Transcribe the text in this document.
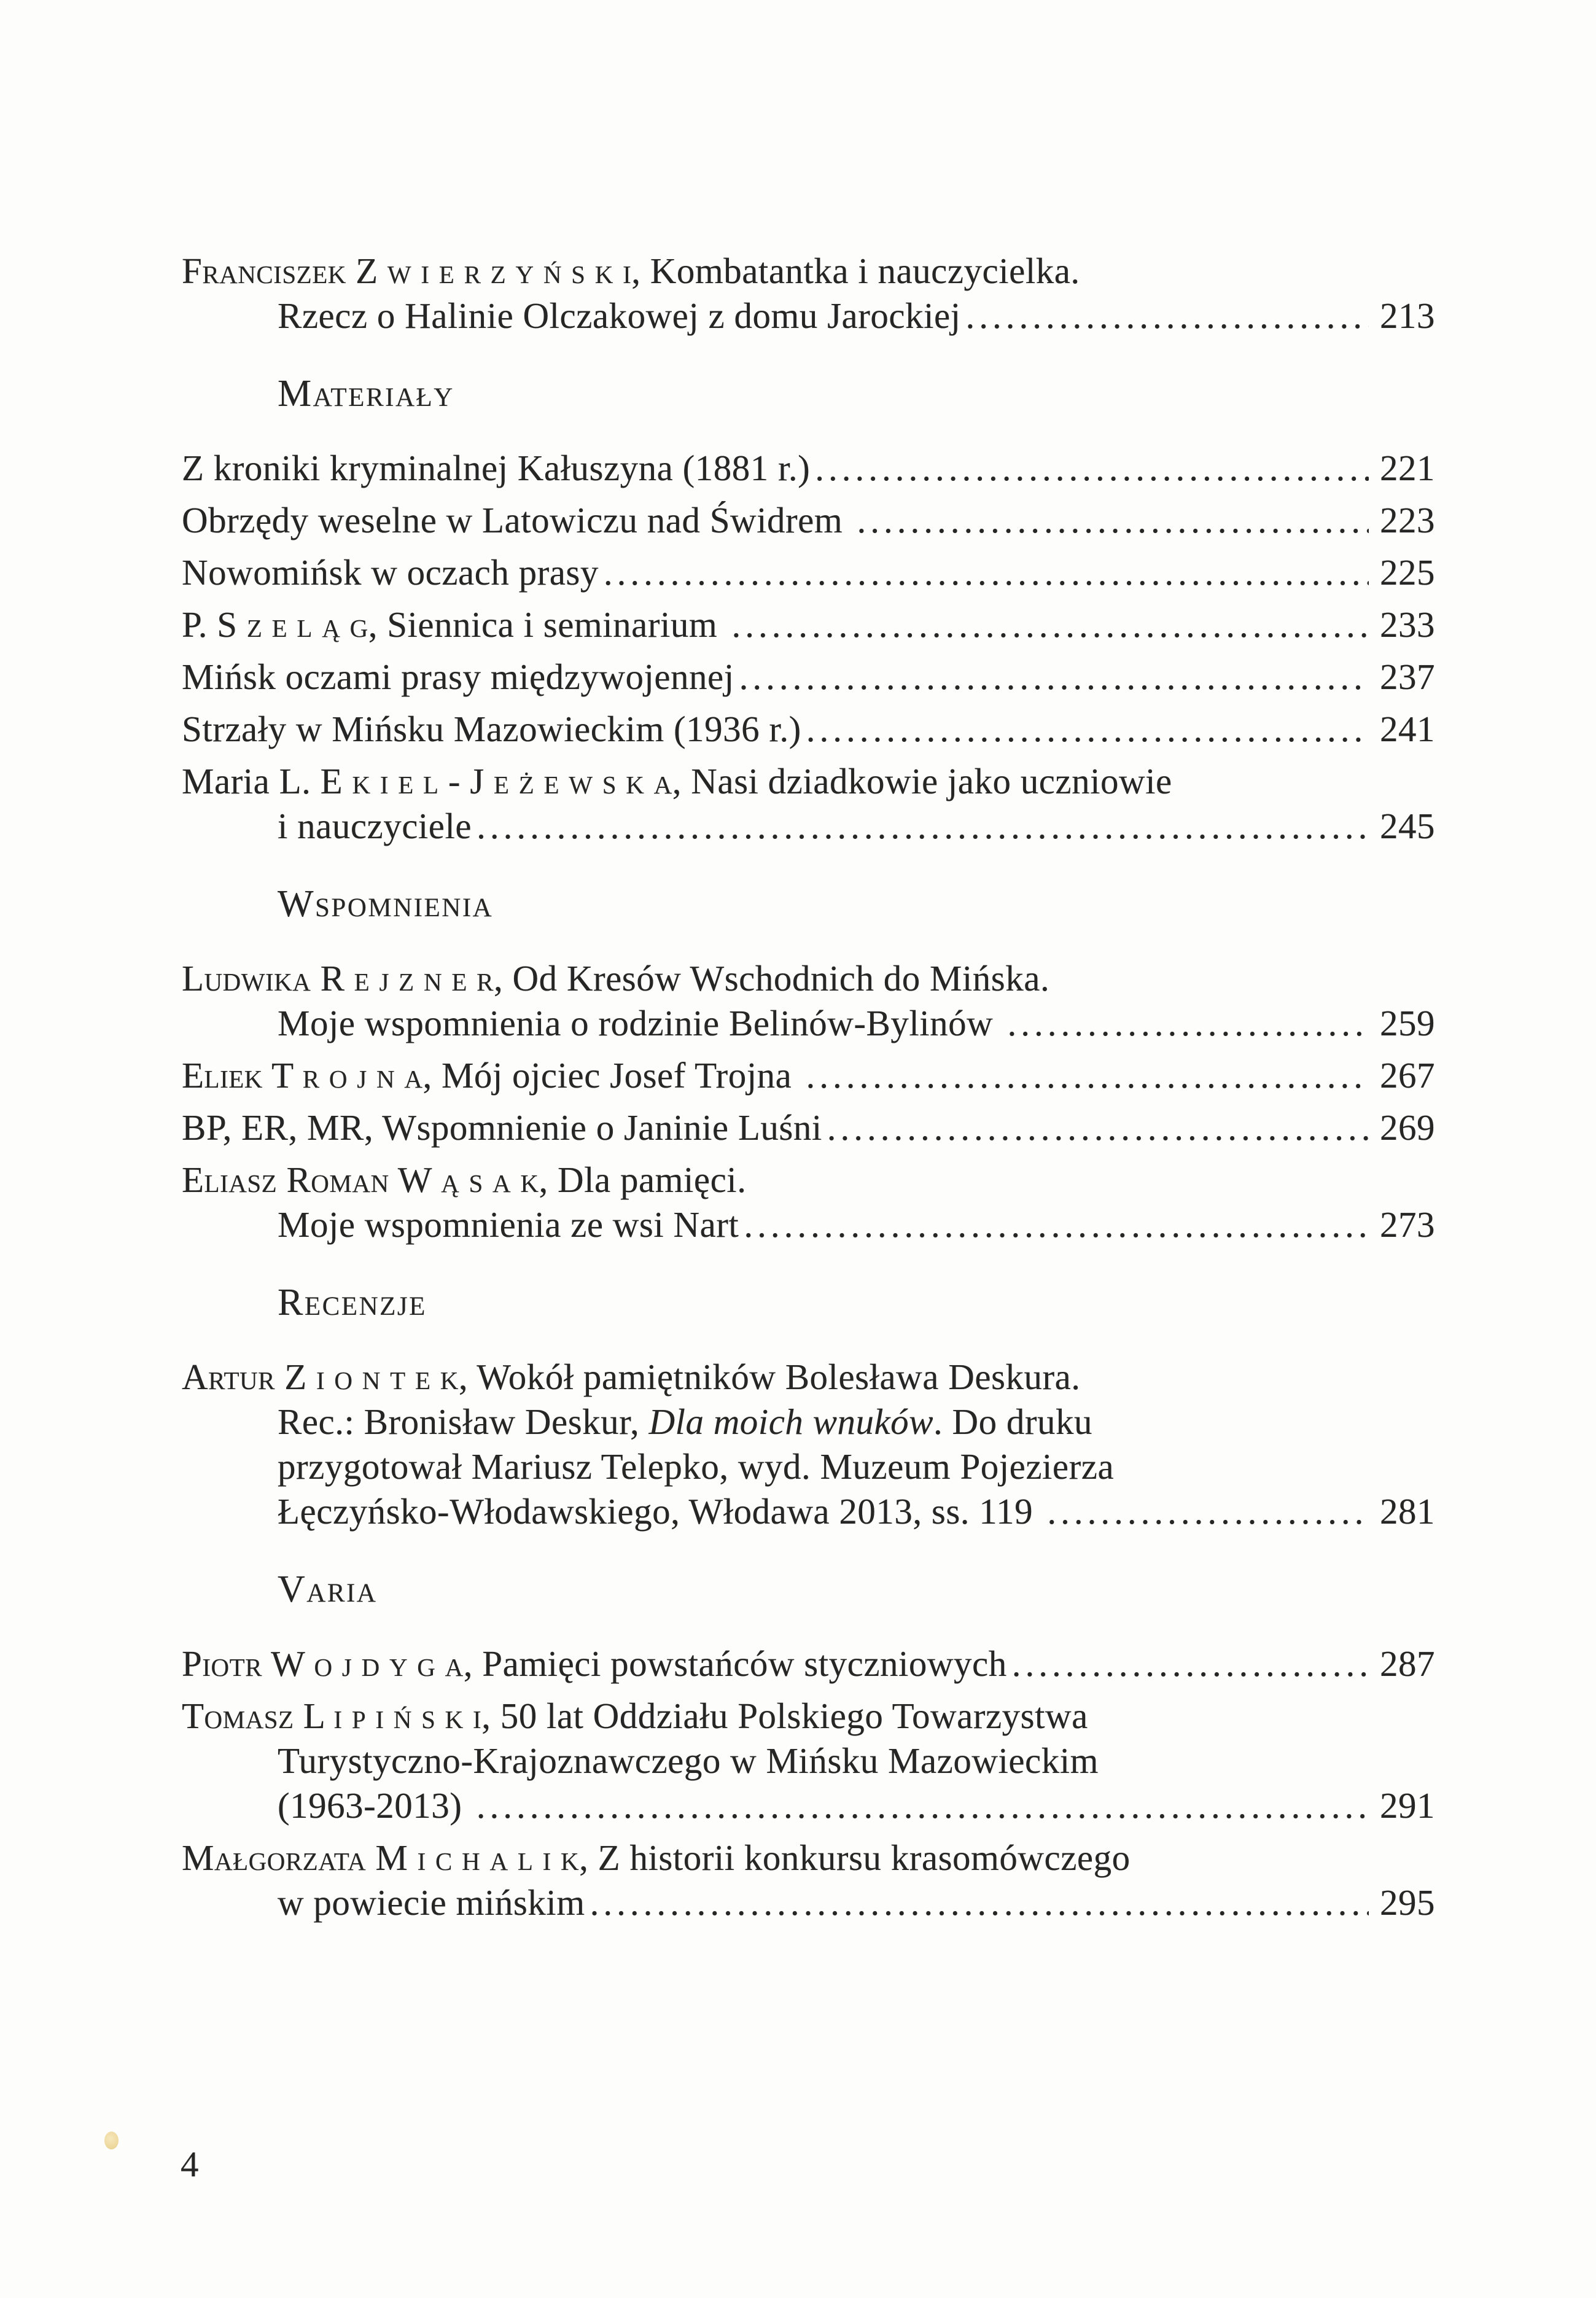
Franciszek Z w i e r z y ń s k i , Kombatantka i nauczycielka.
Rzecz o Halinie Olczakowej z domu Jarockiej .....	213
Materiały
Z kroniki kryminalnej Kałuszyna (1881 r.) .....	221
Obrzędy weselne w Latowiczu nad Świdrem .....	223
Nowomińsk w oczach prasy .....	225
P. S z e l ą g , Siennica i seminarium .....	233
Mińsk oczami prasy międzywojennej .....	237
Strzały w Mińsku Mazowieckim (1936 r.) .....	241
Maria L. E k i e l - J e ż e w s k a , Nasi dziadkowie jako uczniowie
i nauczyciele .....	245
Wspomnienia
Ludwika R e j z n e r , Od Kresów Wschodnich do Mińska.
Moje wspomnienia o rodzinie Belinów-Bylinów .....	259
Eliek T r o j n a , Mój ojciec Josef Trojna .....	267
BP, ER, MR, Wspomnienie o Janinie Luśni .....	269
Eliasz Roman W ą s a k , Dla pamięci.
Moje wspomnienia ze wsi Nart .....	273
Recenzje
Artur Z i o n t e k , Wokół pamiętników Bolesława Deskura.
Rec.: Bronisław Deskur, Dla moich wnuków . Do druku
przygotował Mariusz Telepko, wyd. Muzeum Pojezierza
Łęczyńsko-Włodawskiego, Włodawa 2013, ss. 119 .....	281
Varia
Piotr W o j d y g a , Pamięci powstańców styczniowych .....	287
Tomasz L i p i ń s k i , 50 lat Oddziału Polskiego Towarzystwa
Turystyczno-Krajoznawczego w Mińsku Mazowieckim
(1963-2013) .....	291
Małgorzata M i c h a l i k , Z historii konkursu krasomówczego
w powiecie mińskim .....	295
4
